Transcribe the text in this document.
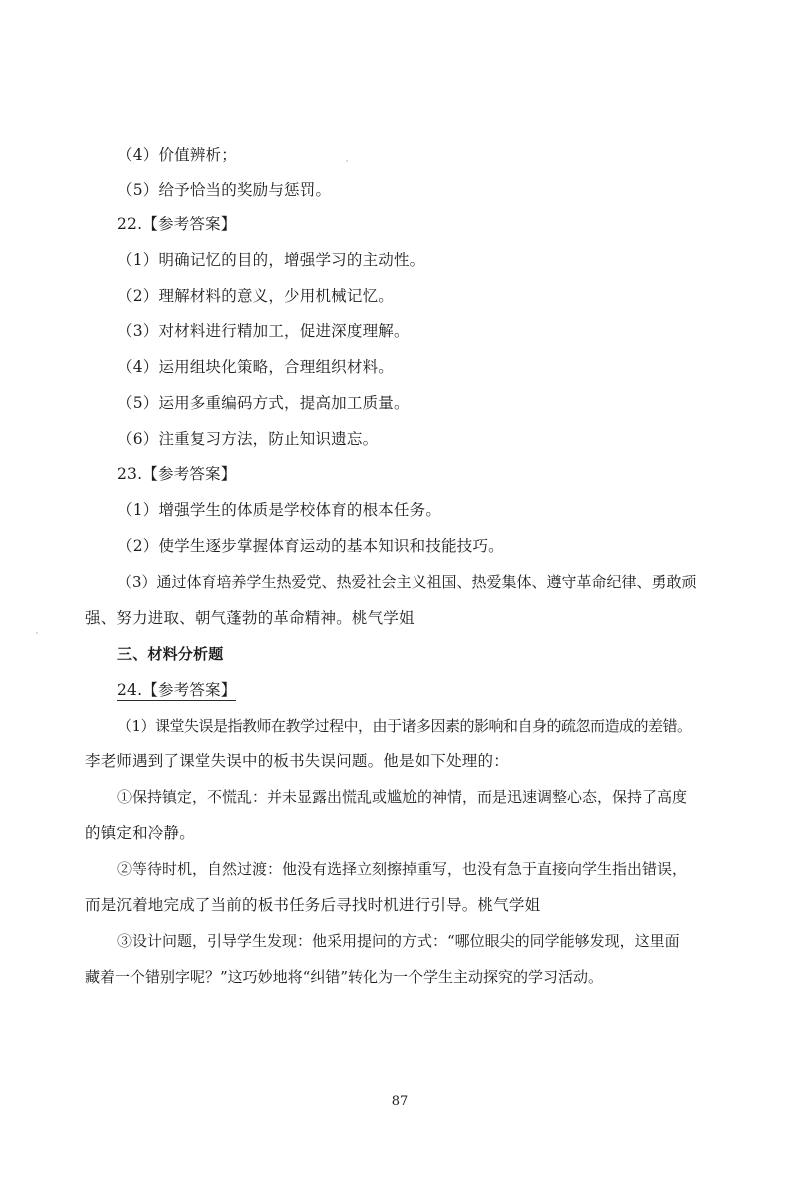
（4）价值辨析；

（5）给予恰当的奖励与惩罚。

22.【参考答案】

（1）明确记忆的目的，增强学习的主动性。

（2）理解材料的意义，少用机械记忆。

（3）对材料进行精加工，促进深度理解。

（4）运用组块化策略，合理组织材料。

（5）运用多重编码方式，提高加工质量。

（6）注重复习方法，防止知识遗忘。

23.【参考答案】

（1）增强学生的体质是学校体育的根本任务。

（2）使学生逐步掌握体育运动的基本知识和技能技巧。

（3）通过体育培养学生热爱党、热爱社会主义祖国、热爱集体、遵守革命纪律、勇敢顽

强、努力进取、朝气蓬勃的革命精神。桃气学姐

三、材料分析题

24.【参考答案】

（1）课堂失误是指教师在教学过程中，由于诸多因素的影响和自身的疏忽而造成的差错。

李老师遇到了课堂失误中的板书失误问题。他是如下处理的：

①保持镇定，不慌乱：并未显露出慌乱或尴尬的神情，而是迅速调整心态，保持了高度

的镇定和冷静。

②等待时机，自然过渡：他没有选择立刻擦掉重写，也没有急于直接向学生指出错误，

而是沉着地完成了当前的板书任务后寻找时机进行引导。桃气学姐

③设计问题，引导学生发现：他采用提问的方式：“哪位眼尖的同学能够发现，这里面

藏着一个错别字呢？”这巧妙地将“纠错”转化为一个学生主动探究的学习活动。

87
